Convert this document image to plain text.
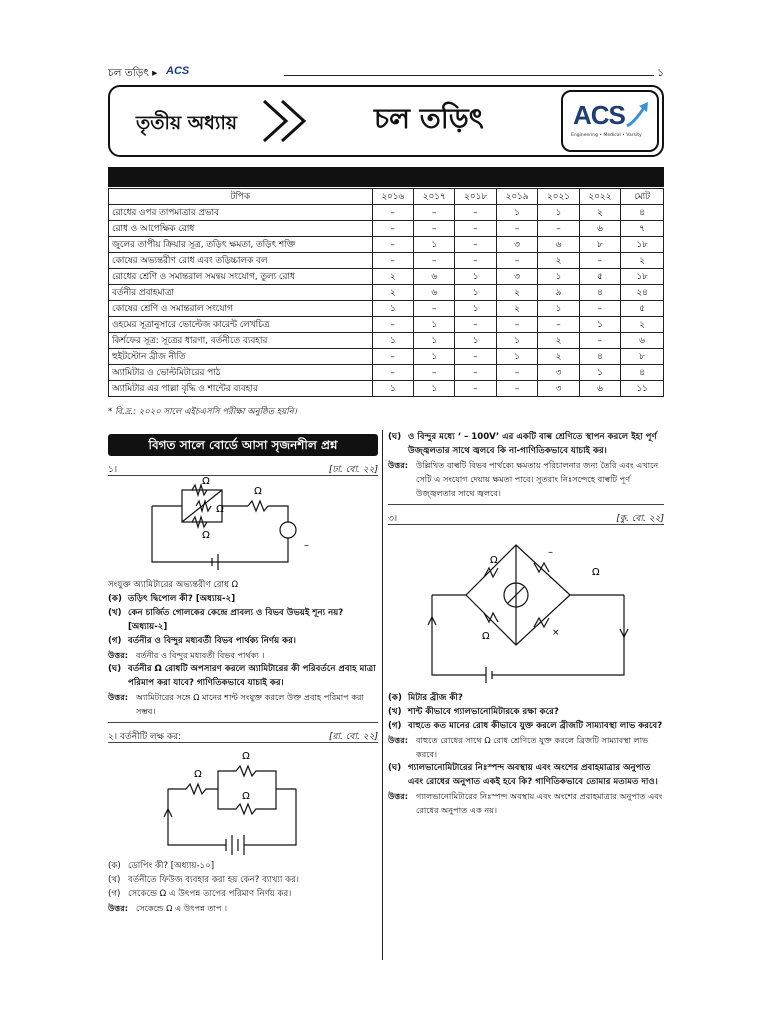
চল তড়িৎ ▸ ACS	১
তৃতীয় অধ্যায়	চল তড়িৎ	ACS
Engineering • Medical • Varsity
টপিক	২০১৬	২০১৭	২০১৮	২০১৯	২০২১	২০২২	মোট
রোধের ওপর তাপমাত্রার প্রভাব	–	–	–	১	১	২	৪
রোধ ও আপেক্ষিক রোধ	–	–	–	–	–	৬	৭
জুলের তাপীয় ক্রিয়ার সূত্র, তড়িৎ ক্ষমতা, তড়িৎ শক্তি	–	১	–	৩	৬	৮	১৮
কোষের অভ্যন্তরীণ রোধ এবং তড়িচ্চালক বল	–	–	–	–	২	–	২
রোধের শ্রেণি ও সমান্তরাল সমন্বয় সংযোগ, তুল্য রোধ	২	৬	১	৩	১	৫	১৮
বর্তনীর প্রবাহমাত্রা	২	৬	১	২	৯	৪	২৪
কোষের শ্রেণি ও সমান্তরাল সংযোগ	১	–	১	২	১	–	৫
ওহমের সূত্রানুসারে ভোল্টেজ কারেন্ট লেখচিত্র	–	১	–	–	–	১	২
কির্শফের সূত্র: সূত্রের ধারণা, বর্তনীতে ব্যবহার	১	১	১	১	২	–	৬
হুইটস্টোন ব্রীজ নীতি	–	১	–	১	২	৪	৮
অ্যামিটার ও ভোল্টমিটারের পাঠ	–	–	–	–	৩	১	৪
অ্যামিটার এর পাল্লা বৃদ্ধি ও শান্টের ব্যবহার	১	১	–	–	৩	৬	১১
* বি.দ্র.: ২০২০ সালে এইচএসসি পরীক্ষা অনুষ্ঠিত হয়নি।
বিগত সালে বোর্ডে আসা সৃজনশীল প্রশ্ন
১।	[ঢা. বো. ২২]
Ω
Ω
Ω
Ω
–
সংযুক্ত অ্যামিটারের অভ্যন্তরীণ রোধ Ω
(ক) তড়িৎ দ্বিপোল কী? [অধ্যায়-২]
(খ) কেন চার্জিত গোলকের কেন্দ্রে প্রাবল্য ও বিভব উভয়ই শূন্য নয়? [অধ্যায়-২]
(গ) বর্তনীর ও বিন্দুর মধ্যবর্তী বিভব পার্থক্য নির্ণয় কর।
উত্তর: বর্তনীর ও বিন্দুর মধ্যবর্তী বিভব পার্থক্য ।
(ঘ) বর্তনীর Ω রোধটি অপসারণ করলে অ্যামিটারের কী পরিবর্তনে প্রবাহ মাত্রা পরিমাপ করা যাবে? গাণিতিকভাবে যাচাই কর।
উত্তর: অ্যামিটারের সঙ্গে Ω মানের শান্ট সংযুক্ত করলে উক্ত প্রবাহ পরিমাপ করা সম্ভব।
২। বর্তনীটি লক্ষ কর:	[রা. বো. ২২]
Ω
Ω
Ω
(ক) ডোপিং কী? [অধ্যায়-১০]
(খ) বর্তনীতে ফিউজ ব্যবহার করা হয় কেন? ব্যাখ্যা কর।
(গ) সেকেন্ডে Ω এ উৎপন্ন তাপের পরিমাণ নির্ণয় কর।
উত্তর: সেকেন্ডে Ω এ উৎপন্ন তাপ ।
(ঘ) ও বিন্দুর মধ্যে ‘ – 100V’ এর একটি বাল্ব শ্রেণিতে স্থাপন করলে ইহা পূর্ণ উজ্জ্বলতার সাথে জ্বলবে কি না-গাণিতিকভাবে যাচাই কর।
উত্তর: উল্লিখিত বাল্বটি বিভব পার্থক্যে ক্ষমতায় পরিচালনার জন্য তৈরি এবং এখানে সেটি এ সংযোগ দেয়ায় ক্ষমতা পাবে। সুতরাং নিঃসন্দেহে বাল্বটি পূর্ণ উজ্জ্বলতার সাথে জ্বলবে।
৩।	[কু. বো. ২২]
Ω
Ω
Ω
–
×
(ক) মিটার ব্রীজ কী?
(খ) শান্ট কীভাবে গ্যালভানোমিটারকে রক্ষা করে?
(গ) বাহুতে কত মানের রোধ কীভাবে যুক্ত করলে ব্রীজটি সাম্যাবস্থা লাভ করবে?
উত্তর: বাহুতে রোধের সাথে Ω রোধ শ্রেণিতে যুক্ত করলে ব্রিজটি সাম্যাবস্থা লাভ করবে।
(ঘ) গ্যালভানোমিটারের নিঃস্পন্দ অবস্থায় এবং অংশের প্রবাহমাত্রার অনুপাত এবং রোধের অনুপাত একই হবে কি? গাণিতিকভাবে তোমার মতামত দাও।
উত্তর: গ্যালভানোমিটারের নিঃস্পন্দ অবস্থায় এবং অংশের প্রবাহমাত্রার অনুপাত এবং রোধের অনুপাত এক নয়।
